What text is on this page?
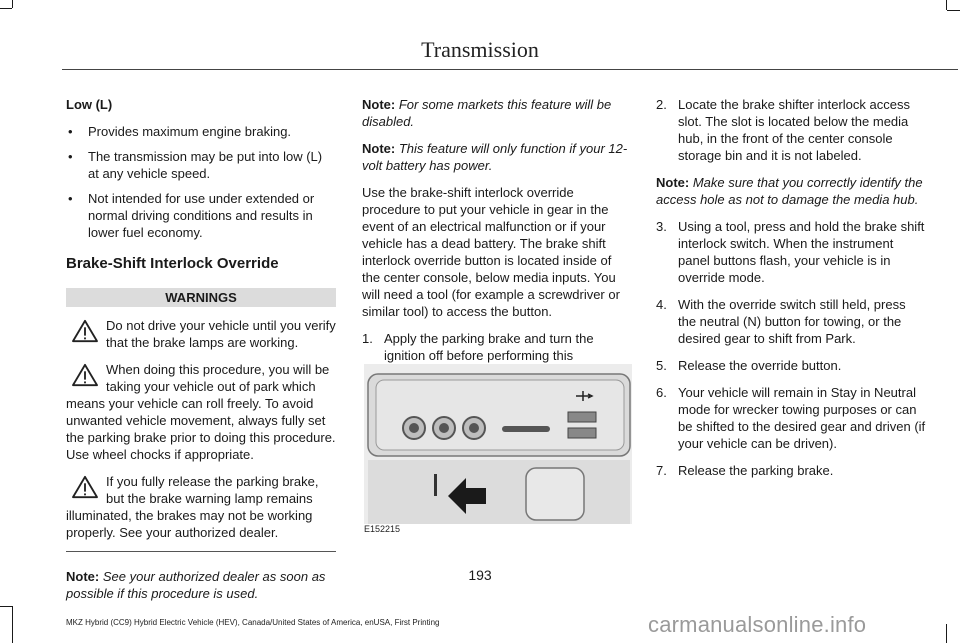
Transmission

Low (L)

• Provides maximum engine braking.
• The transmission may be put into low (L) at any vehicle speed.
• Not intended for use under extended or normal driving conditions and results in lower fuel economy.

Brake-Shift Interlock Override

WARNINGS
Do not drive your vehicle until you verify that the brake lamps are working.
When doing this procedure, you will be taking your vehicle out of park which means your vehicle can roll freely. To avoid unwanted vehicle movement, always fully set the parking brake prior to doing this procedure. Use wheel chocks if appropriate.
If you fully release the parking brake, but the brake warning lamp remains illuminated, the brakes may not be working properly. See your authorized dealer.

Note: See your authorized dealer as soon as possible if this procedure is used.

Note: For some markets this feature will be disabled.

Note: This feature will only function if your 12-volt battery has power.

Use the brake-shift interlock override procedure to put your vehicle in gear in the event of an electrical malfunction or if your vehicle has a dead battery. The brake shift interlock override button is located inside of the center console, below media inputs. You will need a tool (for example a screwdriver or similar tool) to access the button.

1. Apply the parking brake and turn the ignition off before performing this
E152215
2. Locate the brake shifter interlock access slot. The slot is located below the media hub, in the front of the center console storage bin and it is not labeled.

Note: Make sure that you correctly identify the access hole as not to damage the media hub.

3. Using a tool, press and hold the brake shift interlock switch. When the instrument panel buttons flash, your vehicle is in override mode.
4. With the override switch still held, press the neutral (N) button for towing, or the desired gear to shift from Park.
5. Release the override button.
6. Your vehicle will remain in Stay in Neutral mode for wrecker towing purposes or can be shifted to the desired gear and driven (if your vehicle can be driven).
7. Release the parking brake.
193
MKZ Hybrid (CC9) Hybrid Electric Vehicle (HEV), Canada/United States of America, enUSA, First Printing	carmanualsonline.info
